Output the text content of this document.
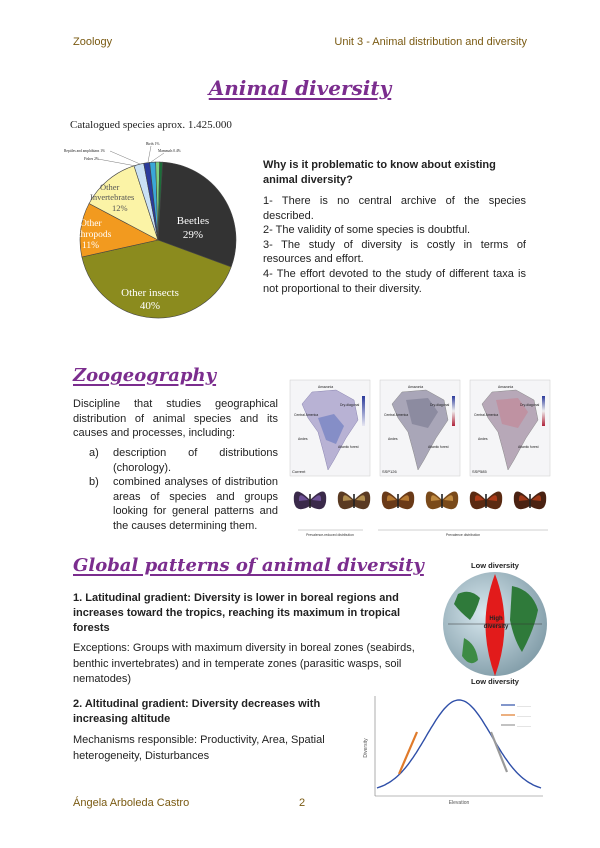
Zoology	Unit 3 - Animal distribution and diversity
Animal diversity
Catalogued species aprox. 1.425.000
Reptiles and amphibians 1%
Fishes 2%
Birds 1%
Mammals 0.4%
Beetles
29%
Other insects
40%
Other
Arthropods
11%
Other
Invertebrates
12%
Why is it problematic to know about existing animal diversity?
1- There is no central archive of the species described.
2- The validity of some species is doubtful.
3- The study of diversity is costly in terms of resources and effort.
4- The effort devoted to the study of different taxa is not proportional to their diversity.
Zoogeography
Discipline that studies geographical distribution of animal species and its causes and processes, including:
a) description of distributions (chorology).
b) combined analyses of distribution areas of species and groups looking for general patterns and the causes determining them.
Amazonia
Dry-diagonal
Central America
Andes
Atlantic forest
Current
Amazonia
Dry-diagonal
Central America
Andes
Atlantic forest
SSP126
Amazonia
Dry-diagonal
Central America
Andes
Atlantic forest
SSP585
Prevalence-reduced distribution	Prevalence distribution
Global patterns of animal diversity
1. Latitudinal gradient: Diversity is lower in boreal regions and increases toward the tropics, reaching its maximum in tropical forests
Exceptions: Groups with maximum diversity in boreal zones (seabirds, benthic invertebrates) and in temperate zones (parasitic wasps, soil nematodes)
Low diversity
High
diversity
Low diversity
2. Altitudinal gradient: Diversity decreases with increasing altitude
Mechanisms responsible: Productivity, Area, Spatial heterogeneity, Disturbances
————
————
————
Elevation
Diversity
Ángela Arboleda Castro	2
